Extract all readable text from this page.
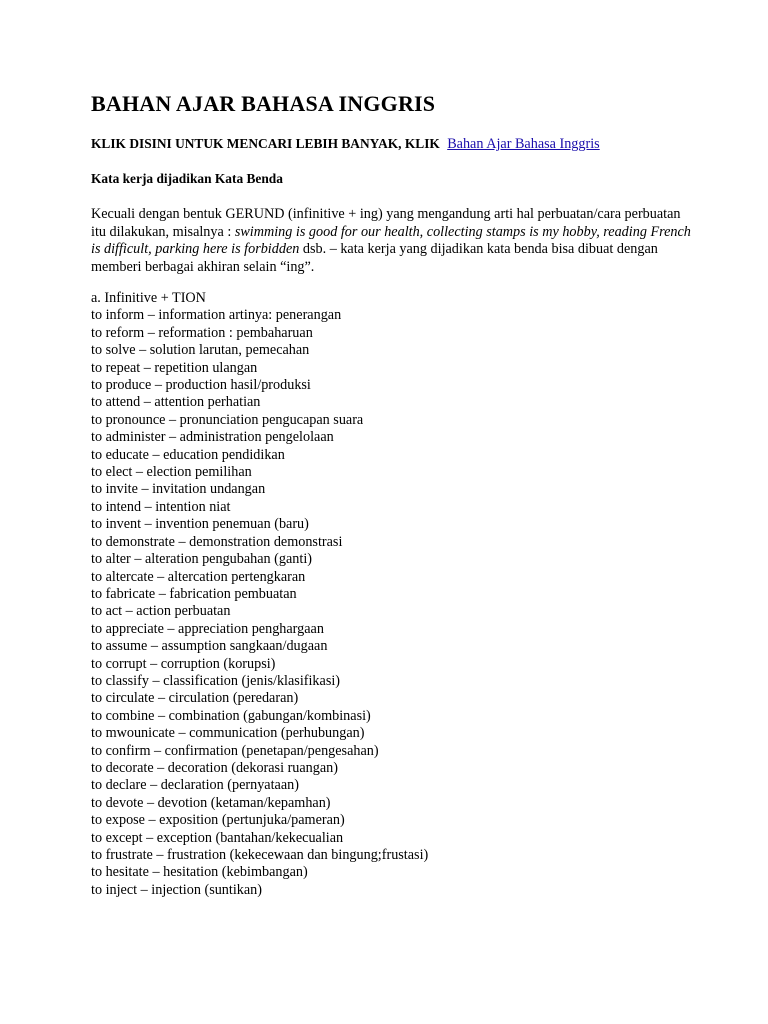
BAHAN AJAR BAHASA INGGRIS
KLIK DISINI UNTUK MENCARI LEBIH BANYAK, KLIK Bahan Ajar Bahasa Inggris
Kata kerja dijadikan Kata Benda

Kecuali dengan bentuk GERUND (infinitive + ing) yang mengandung arti hal perbuatan/cara perbuatan itu dilakukan, misalnya : swimming is good for our health, collecting stamps is my hobby, reading French is difficult, parking here is forbidden dsb. – kata kerja yang dijadikan kata benda bisa dibuat dengan memberi berbagai akhiran selain “ing”.

a. Infinitive + TION
to inform – information artinya: penerangan
to reform – reformation : pembaharuan
to solve – solution larutan, pemecahan
to repeat – repetition ulangan
to produce – production hasil/produksi
to attend – attention perhatian
to pronounce – pronunciation pengucapan suara
to administer – administration pengelolaan
to educate – education pendidikan
to elect – election pemilihan
to invite – invitation undangan
to intend – intention niat
to invent – invention penemuan (baru)
to demonstrate – demonstration demonstrasi
to alter – alteration pengubahan (ganti)
to altercate – altercation pertengkaran
to fabricate – fabrication pembuatan
to act – action perbuatan
to appreciate – appreciation penghargaan
to assume – assumption sangkaan/dugaan
to corrupt – corruption (korupsi)
to classify – classification (jenis/klasifikasi)
to circulate – circulation (peredaran)
to combine – combination (gabungan/kombinasi)
to mwounicate – communication (perhubungan)
to confirm – confirmation (penetapan/pengesahan)
to decorate – decoration (dekorasi ruangan)
to declare – declaration (pernyataan)
to devote – devotion (ketaman/kepamhan)
to expose – exposition (pertunjuka/pameran)
to except – exception (bantahan/kekecualian
to frustrate – frustration (kekecewaan dan bingung;frustasi)
to hesitate – hesitation (kebimbangan)
to inject – injection (suntikan)
